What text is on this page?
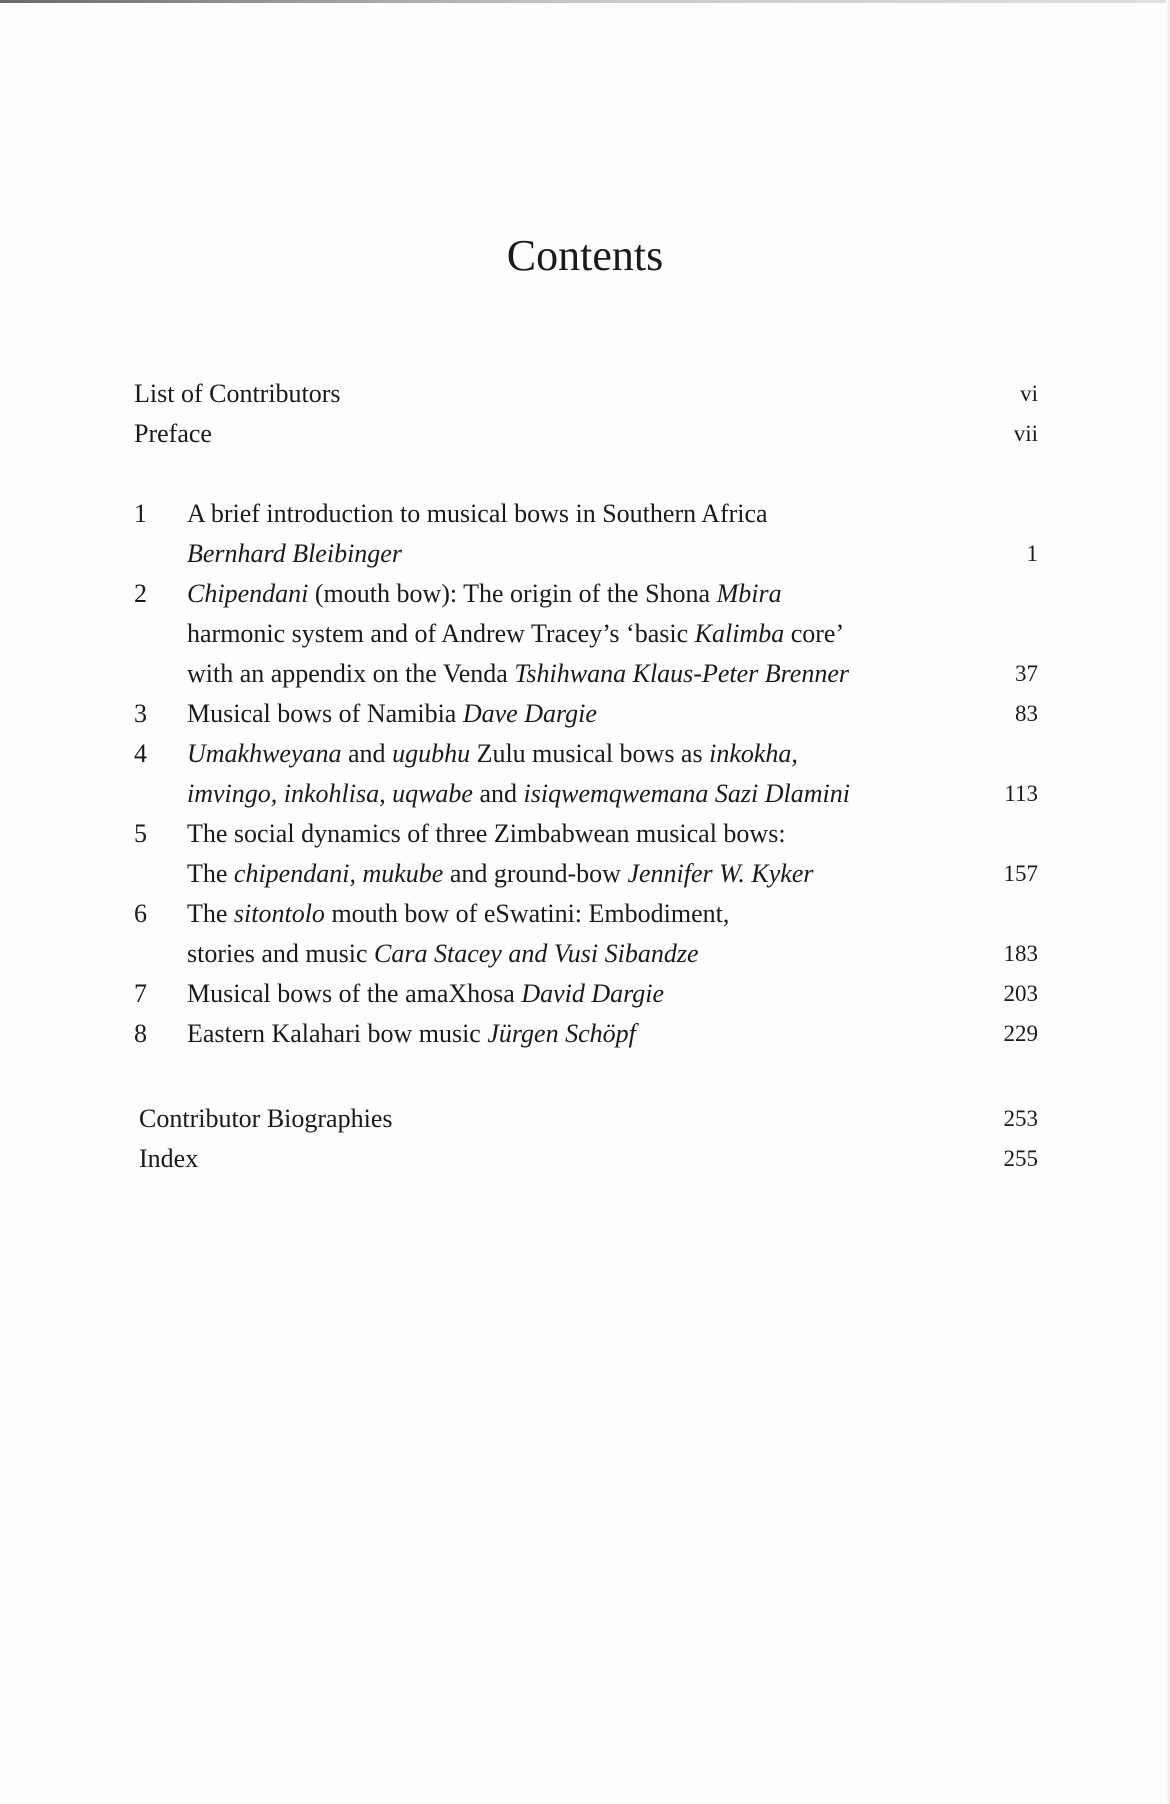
Contents
List of Contributors	vi
Preface	vii
1	A brief introduction to musical bows in Southern Africa
Bernhard Bleibinger	1
2	Chipendani (mouth bow): The origin of the Shona Mbira
harmonic system and of Andrew Tracey’s ‘basic Kalimba core’
with an appendix on the Venda Tshihwana Klaus-Peter Brenner	37
3	Musical bows of Namibia Dave Dargie	83
4	Umakhweyana and ugubhu Zulu musical bows as inkokha,
imvingo, inkohlisa, uqwabe and isiqwemqwemana Sazi Dlamini	113
5	The social dynamics of three Zimbabwean musical bows:
The chipendani, mukube and ground-bow Jennifer W. Kyker	157
6	The sitontolo mouth bow of eSwatini: Embodiment,
stories and music Cara Stacey and Vusi Sibandze	183
7	Musical bows of the amaXhosa David Dargie	203
8	Eastern Kalahari bow music Jürgen Schöpf	229
Contributor Biographies	253
Index	255
